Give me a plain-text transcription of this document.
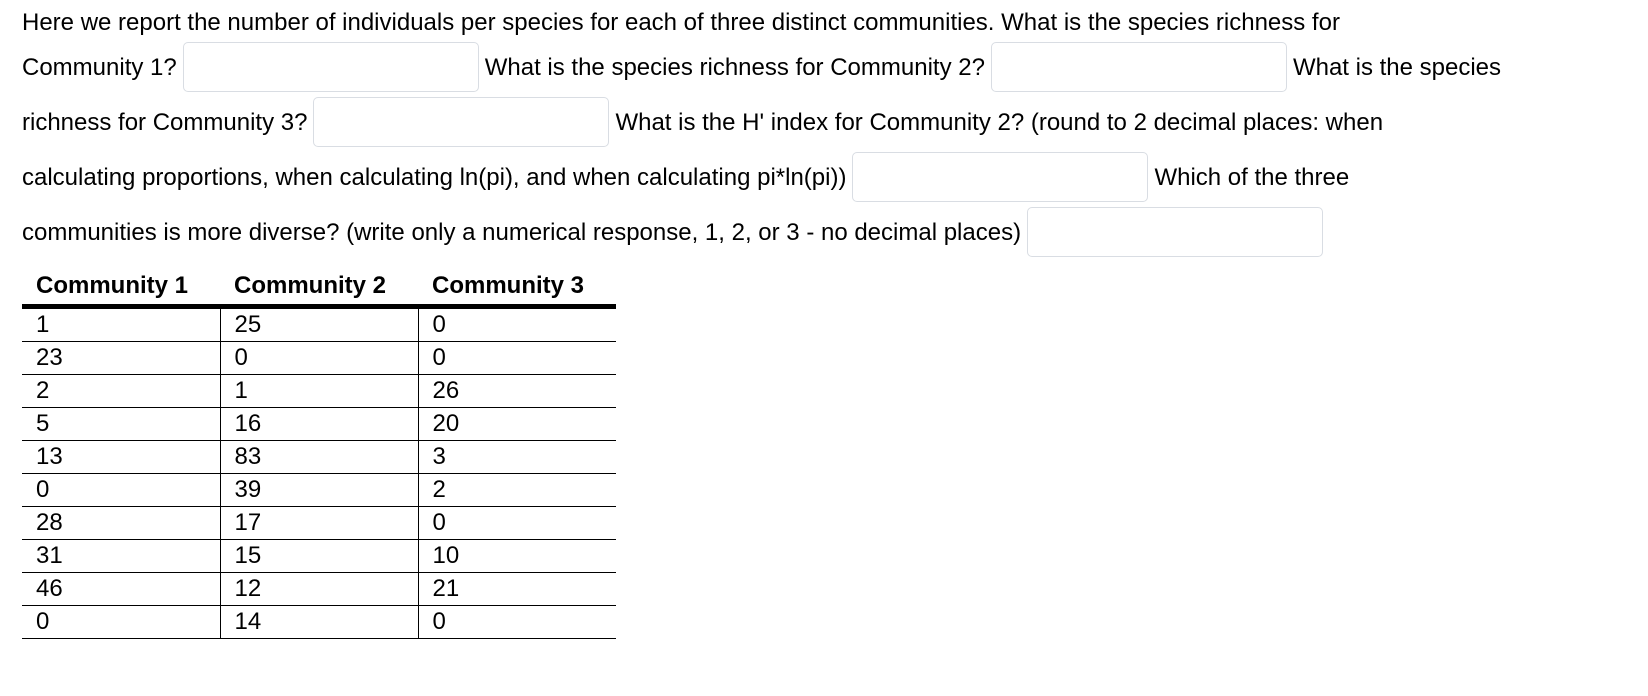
Here we report the number of individuals per species for each of three distinct communities. What is the species richness for
Community 1?	What is the species richness for Community 2?	What is the species
richness for Community 3?	What is the H' index for Community 2? (round to 2 decimal places: when
calculating proportions, when calculating ln(pi), and when calculating pi*ln(pi))	Which of the three
communities is more diverse? (write only a numerical response, 1, 2, or 3 - no decimal places)
Community 1	Community 2	Community 3
1	25	0
23	0	0
2	1	26
5	16	20
13	83	3
0	39	2
28	17	0
31	15	10
46	12	21
0	14	0
